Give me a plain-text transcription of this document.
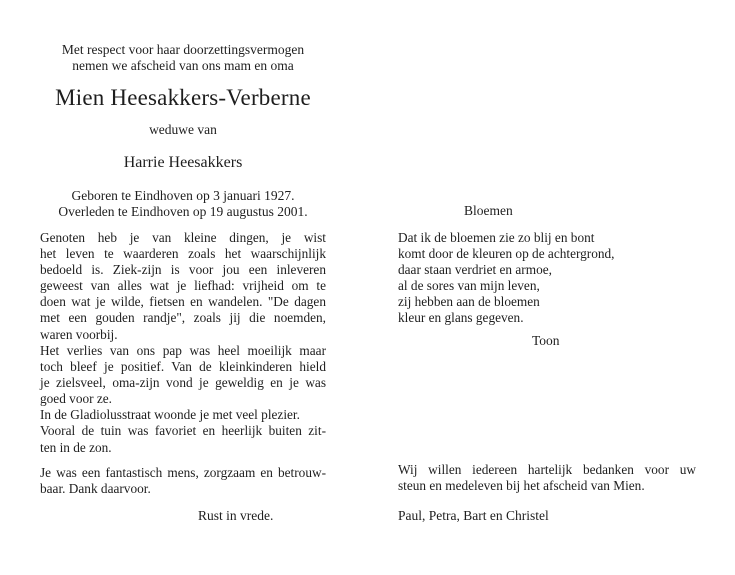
Met respect voor haar doorzettingsvermogen
nemen we afscheid van ons mam en oma
Mien Heesakkers-Verberne
weduwe van
Harrie Heesakkers
Geboren te Eindhoven op 3 januari 1927.
Overleden te Eindhoven op 19 augustus 2001.
Genoten heb je van kleine dingen, je wist
het leven te waarderen zoals het waarschijnlijk
bedoeld is. Ziek-zijn is voor jou een inleveren
geweest van alles wat je liefhad: vrijheid om te
doen wat je wilde, fietsen en wandelen. "De dagen
met een gouden randje", zoals jij die noemden,
waren voorbij.
Het verlies van ons pap was heel moeilijk maar
toch bleef je positief. Van de kleinkinderen hield
je zielsveel, oma-zijn vond je geweldig en je was
goed voor ze.
In de Gladiolusstraat woonde je met veel plezier.
Vooral de tuin was favoriet en heerlijk buiten zit-
ten in de zon.
Je was een fantastisch mens, zorgzaam en betrouw-
baar. Dank daarvoor.
Rust in vrede.
Bloemen
Dat ik de bloemen zie zo blij en bont
komt door de kleuren op de achtergrond,
daar staan verdriet en armoe,
al de sores van mijn leven,
zij hebben aan de bloemen
kleur en glans gegeven.
Toon
Wij willen iedereen hartelijk bedanken voor uw
steun en medeleven bij het afscheid van Mien.
Paul, Petra, Bart en Christel
